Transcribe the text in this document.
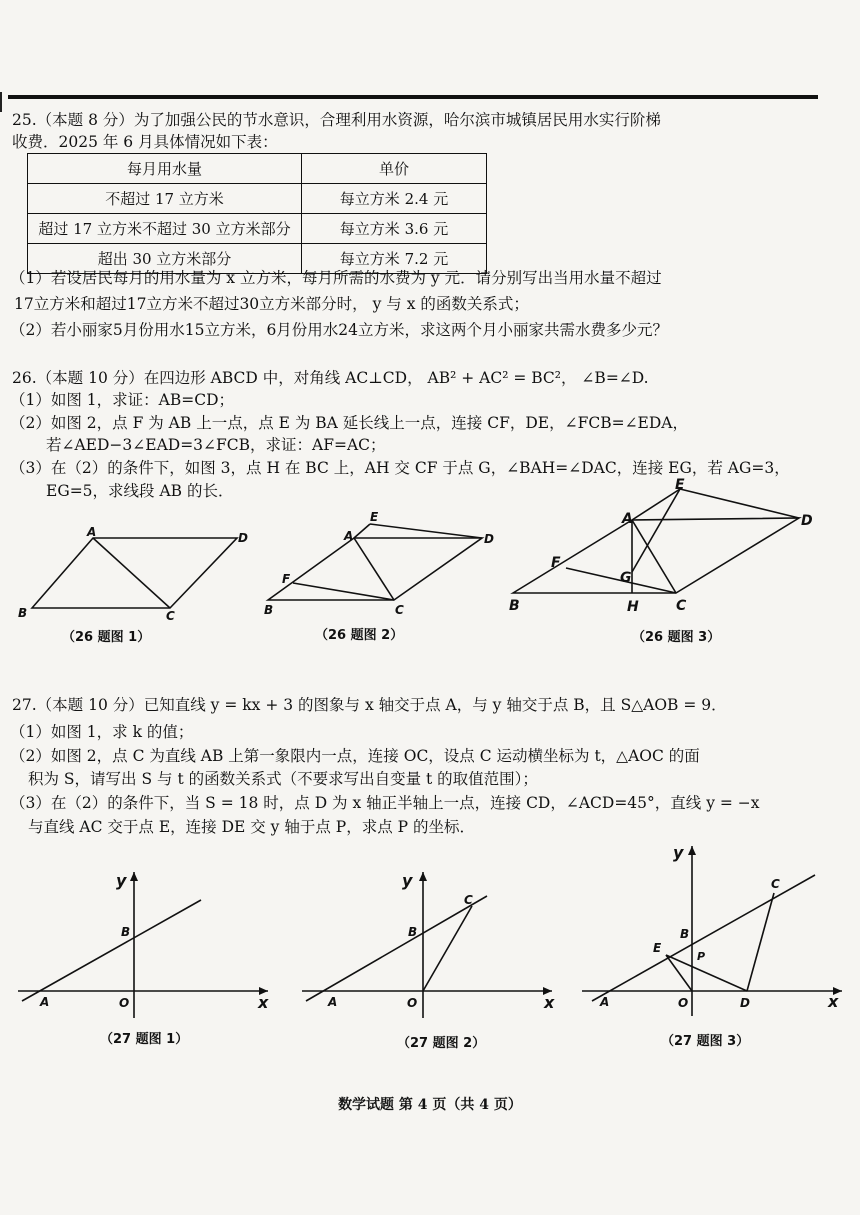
25.（本题 8 分）为了加强公民的节水意识，合理利用水资源，哈尔滨市城镇居民用水实行阶梯
收费．2025 年 6 月具体情况如下表：
每月用水量	单价
不超过 17 立方米	每立方米 2.4 元
超过 17 立方米不超过 30 立方米部分	每立方米 3.6 元
超出 30 立方米部分	每立方米 7.2 元
（1）若设居民每月的用水量为 x 立方米，每月所需的水费为 y 元．请分别写出当用水量不超过
17立方米和超过17立方米不超过30立方米部分时， y 与 x 的函数关系式；
（2）若小丽家5月份用水15立方米，6月份用水24立方米，求这两个月小丽家共需水费多少元？
26.（本题 10 分）在四边形 ABCD 中，对角线 AC⊥CD， AB² + AC² = BC²， ∠B=∠D.
（1）如图 1，求证：AB=CD；
（2）如图 2，点 F 为 AB 上一点，点 E 为 BA 延长线上一点，连接 CF，DE，∠FCB=∠EDA，
若∠AED−3∠EAD=3∠FCB，求证：AF=AC；
（3）在（2）的条件下，如图 3，点 H 在 BC 上，AH 交 CF 于点 G，∠BAH=∠DAC，连接 EG，若 AG=3，
EG=5，求线段 AB 的长．
A	D
B	C
（26 题图 1）
E
A	D
F
B	C
（26 题图 2）
E
A	D
F
G
B	H	C
（26 题图 3）
27.（本题 10 分）已知直线 y = kx + 3 的图象与 x 轴交于点 A，与 y 轴交于点 B，且 S△AOB = 9．
（1）如图 1，求 k 的值；
（2）如图 2，点 C 为直线 AB 上第一象限内一点，连接 OC，设点 C 运动横坐标为 t，△AOC 的面
积为 S，请写出 S 与 t 的函数关系式（不要求写出自变量 t 的取值范围）；
（3）在（2）的条件下，当 S = 18 时，点 D 为 x 轴正半轴上一点，连接 CD，∠ACD=45°，直线 y = −x
与直线 AC 交于点 E，连接 DE 交 y 轴于点 P，求点 P 的坐标．
y
x
B
A	O
（27 题图 1）
y
x
C
B
A	O
（27 题图 2）
y
x
C
B
E
P
A	O	D
（27 题图 3）
数学试题 第 4 页（共 4 页）
